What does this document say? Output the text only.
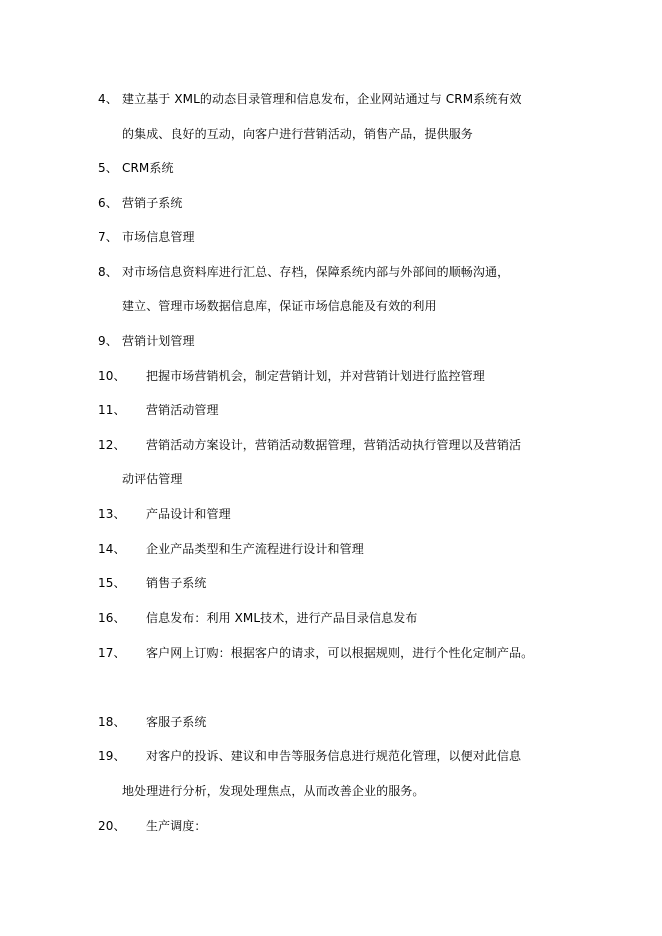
4、 建立基于 XML的动态目录管理和信息发布，企业网站通过与 CRM系统有效
的集成、良好的互动，向客户进行营销活动，销售产品，提供服务
5、 CRM系统
6、 营销子系统
7、 市场信息管理
8、 对市场信息资料库进行汇总、存档，保障系统内部与外部间的顺畅沟通，
建立、管理市场数据信息库，保证市场信息能及有效的利用
9、 营销计划管理
10、 把握市场营销机会，制定营销计划，并对营销计划进行监控管理
11、 营销活动管理
12、 营销活动方案设计，营销活动数据管理，营销活动执行管理以及营销活
动评估管理
13、 产品设计和管理
14、 企业产品类型和生产流程进行设计和管理
15、 销售子系统
16、 信息发布：利用 XML技术，进行产品目录信息发布
17、 客户网上订购：根据客户的请求，可以根据规则，进行个性化定制产品。
18、 客服子系统
19、 对客户的投诉、建议和申告等服务信息进行规范化管理，以便对此信息
地处理进行分析，发现处理焦点，从而改善企业的服务。
20、 生产调度：
